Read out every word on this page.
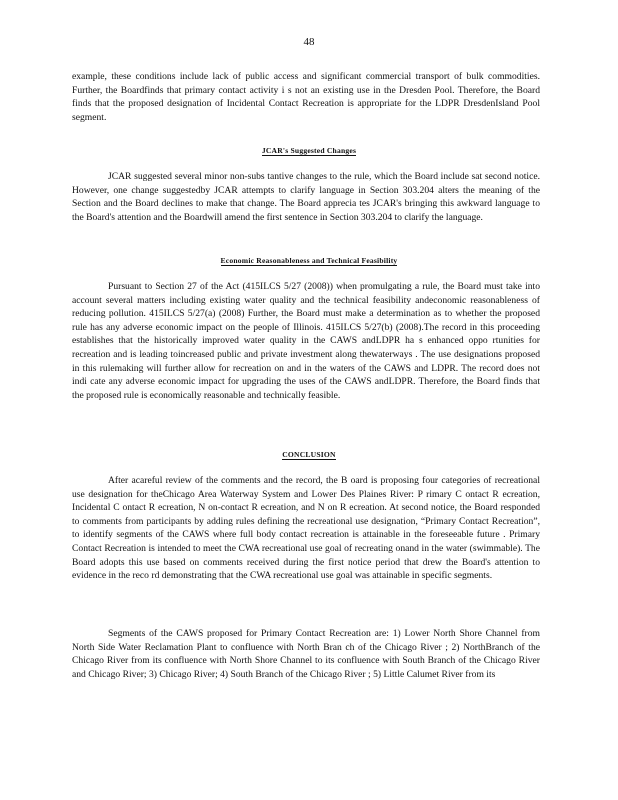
48
example, these conditions include lack of public access and significant commercial transport of bulk commodities. Further, the Boardfinds that primary contact activity i s not an existing use in the Dresden Pool. Therefore, the Board finds that the proposed designation of Incidental Contact Recreation is appropriate for the LDPR DresdenIsland Pool segment.
JCAR's Suggested Changes
JCAR suggested several minor non-subs tantive changes to the rule, which the Board include sat second notice. However, one change suggestedby JCAR attempts to clarify language in Section 303.204 alters the meaning of the Section and the Board declines to make that change. The Board apprecia tes JCAR's bringing this awkward language to the Board's attention and the Boardwill amend the first sentence in Section 303.204 to clarify the language.
Economic Reasonableness and Technical Feasibility
Pursuant to Section 27 of the Act (415ILCS 5/27 (2008)) when promulgating a rule, the Board must take into account several matters including existing water quality and the technical feasibility andeconomic reasonableness of reducing pollution. 415ILCS 5/27(a) (2008) Further, the Board must make a determination as to whether the proposed rule has any adverse economic impact on the people of Illinois. 415ILCS 5/27(b) (2008).The record in this proceeding establishes that the historically improved water quality in the CAWS andLDPR ha s enhanced oppo rtunities for recreation and is leading toincreased public and private investment along thewaterways . The use designations proposed in this rulemaking will further allow for recreation on and in the waters of the CAWS and LDPR. The record does not indi cate any adverse economic impact for upgrading the uses of the CAWS andLDPR. Therefore, the Board finds that the proposed rule is economically reasonable and technically feasible.
CONCLUSION
After acareful review of the comments and the record, the B oard is proposing four categories of recreational use designation for theChicago Area Waterway System and Lower Des Plaines River: P rimary C ontact R ecreation, Incidental C ontact R ecreation, N on-contact R ecreation, and N on R ecreation. At second notice, the Board responded to comments from participants by adding rules defining the recreational use designation, “Primary Contact Recreation”, to identify segments of the CAWS where full body contact recreation is attainable in the foreseeable future . Primary Contact Recreation is intended to meet the CWA recreational use goal of recreating onand in the water (swimmable). The Board adopts this use based on comments received during the first notice period that drew the Board's attention to evidence in the reco rd demonstrating that the CWA recreational use goal was attainable in specific segments.
Segments of the CAWS proposed for Primary Contact Recreation are: 1) Lower North Shore Channel from North Side Water Reclamation Plant to confluence with North Bran ch of the Chicago River ; 2) NorthBranch of the Chicago River from its confluence with North Shore Channel to its confluence with South Branch of the Chicago River and Chicago River; 3) Chicago River; 4) South Branch of the Chicago River ; 5) Little Calumet River from its
